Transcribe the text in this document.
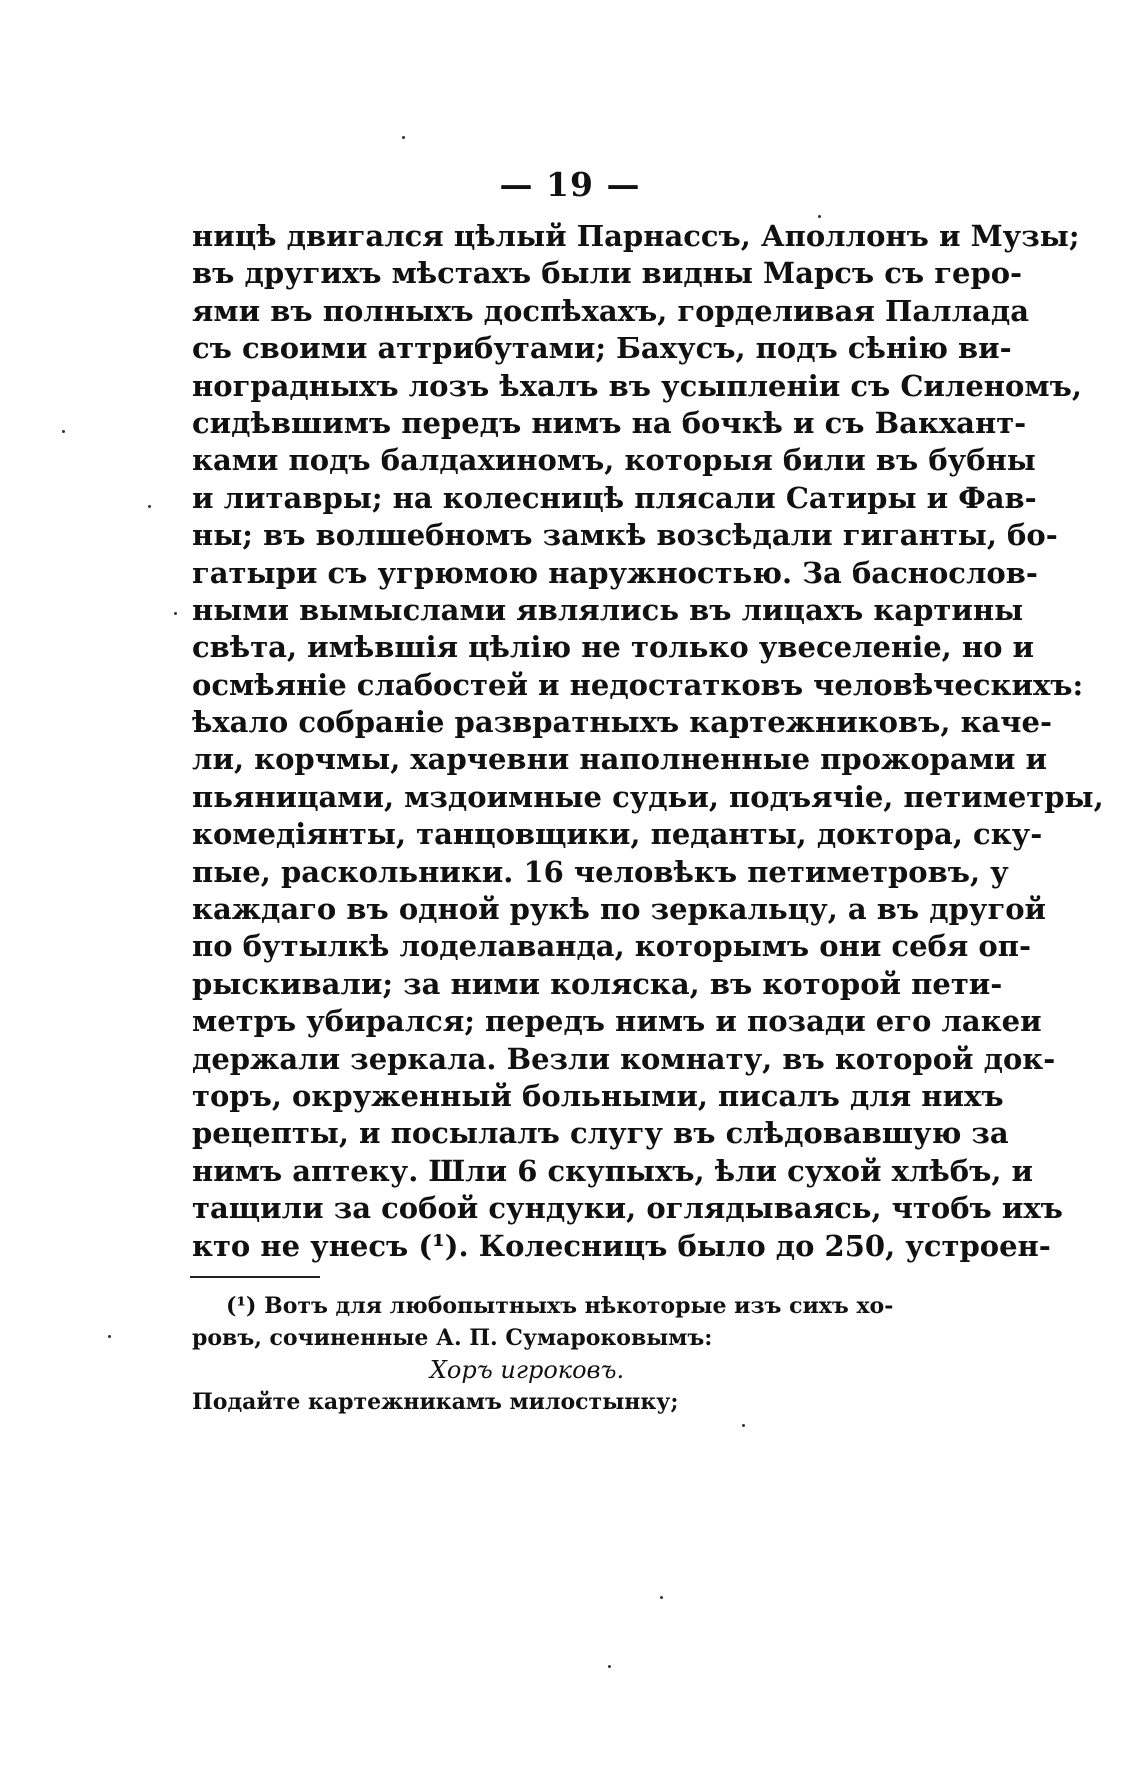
— 19 —
ницѣ двигался цѣлый Парнассъ, Аполлонъ и Музы;
въ другихъ мѣстахъ были видны Марсъ съ геро-
ями въ полныхъ доспѣхахъ, горделивая Паллада
съ своими аттрибутами; Бахусъ, подъ сѣнію ви-
ноградныхъ лозъ ѣхалъ въ усыпленіи съ Силеномъ,
сидѣвшимъ передъ нимъ на бочкѣ и съ Вакхант-
ками подъ балдахиномъ, которыя били въ бубны
и литавры; на колесницѣ плясали Сатиры и Фав-
ны; въ волшебномъ замкѣ возсѣдали гиганты, бо-
гатыри съ угрюмою наружностью. За баснослов-
ными вымыслами являлись въ лицахъ картины
свѣта, имѣвшія цѣлію не только увеселеніе, но и
осмѣяніе слабостей и недостатковъ человѣческихъ:
ѣхало собраніе развратныхъ картежниковъ, каче-
ли, корчмы, харчевни наполненные прожорами и
пьяницами, мздоимные судьи, подъячіе, петиметры,
комедіянты, танцовщики, педанты, доктора, ску-
пые, раскольники. 16 человѣкъ петиметровъ, у
каждаго въ одной рукѣ по зеркальцу, а въ другой
по бутылкѣ лоделаванда, которымъ они себя оп-
рыскивали; за ними коляска, въ которой пети-
метръ убирался; передъ нимъ и позади его лакеи
держали зеркала. Везли комнату, въ которой док-
торъ, окруженный больными, писалъ для нихъ
рецепты, и посылалъ слугу въ слѣдовавшую за
нимъ аптеку. Шли 6 скупыхъ, ѣли сухой хлѣбъ, и
тащили за собой сундуки, оглядываясь, чтобъ ихъ
кто не унесъ (¹). Колесницъ было до 250, устроен-
(¹) Вотъ для любопытныхъ нѣкоторые изъ сихъ хо-
ровъ, сочиненные А. П. Сумароковымъ:
Хоръ игроковъ.
Подайте картежникамъ милостынку;
